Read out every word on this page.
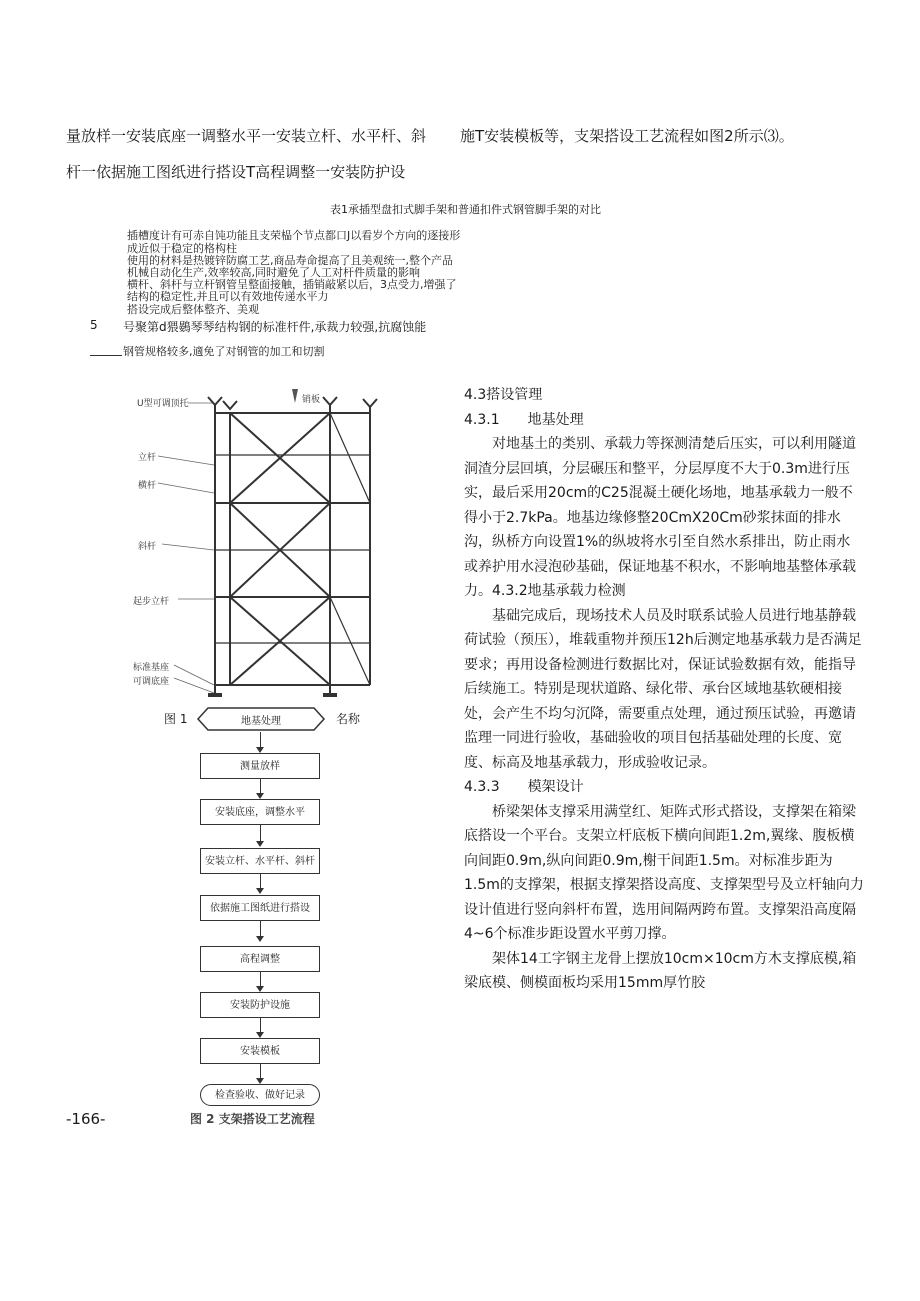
量放样一安装底座一调整水平一安装立杆、水平杆、斜
杆一依据施工图纸进行搭设T高程调整一安装防护设
施T安装模板等，支架搭设工艺流程如图2所示⑶。
表1承插型盘扣式脚手架和普通扣件式钢管脚手架的对比
插槽度计有可赤自饨功能且支荣榀个节点都口J以看岁个方向的逐接形
成近似于稳定的格构柱
使用的材料是热镀锌防腐工艺,商品寿命提高了且美观统一,整个产品
机械自动化生产,效率较高,同时避免了人工对杆件质量的影响
横杆、斜杆与立杆钢管呈整面接触，插销敲紧以后，3点受力,增强了
结构的稳定性,并且可以有效地传递水平力
搭设完成后整体整齐、美观
5 号聚第d猥鷃琴琴结构钢的标准杆件,承裁力较强,抗腐蚀能
钢管规格较多,適免了对钢管的加工和切割
U型可调顶托	销板
立杆
横杆
斜杆
起步立杆
标准基座
可调底座
图 1	名称
地基处理
测量放样
安装底座，调整水平
安装立杆、水平杆、斜杆
依据施工图纸进行搭设
高程调整
安装防护设施
安装模板
检查验收、做好记录
图 2 支架搭设工艺流程
-166-

4.3搭设管理

4.3.1　　地基处理

对地基土的类别、承载力等探测清楚后压实，可以利用隧道洞渣分层回填，分层碾压和整平，分层厚度不大于0.3m进行压实，最后采用20cm的C25混凝土硬化场地，地基承载力一般不得小于2.7kPa。地基边缘修整20CmX20Cm砂浆抹面的排水沟，纵桥方向设置1%的纵坡将水引至自然水系排出，防止雨水或养护用水浸泡砂基础，保证地基不积水，不影响地基整体承载力。4.3.2地基承载力检测

基础完成后，现场技术人员及时联系试验人员进行地基静载荷试验（预压），堆载重物并预压12h后测定地基承载力是否满足要求；再用设备检测进行数据比对，保证试验数据有效，能指导后续施工。特别是现状道路、绿化带、承台区域地基软硬相接处，会产生不均匀沉降，需要重点处理，通过预压试验，再邀请监理一同进行验收，基础验收的项目包括基础处理的长度、宽度、标高及地基承载力，形成验收记录。

4.3.3　　模架设计

桥梁架体支撑采用满堂红、矩阵式形式搭设，支撑架在箱梁底搭设一个平台。支架立杆底板下横向间距1.2m,翼缘、腹板横向间距0.9m,纵向间距0.9m,榭干间距1.5m。对标准步距为1.5m的支撑架，根据支撑架搭设高度、支撑架型号及立杆轴向力设计值进行竖向斜杆布置，选用间隔两跨布置。支撑架沿高度隔4~6个标准步距设置水平剪刀撑。

架体14工字钢主龙骨上摆放10cm×10cm方木支撑底模,箱梁底模、侧模面板均采用15mm厚竹胶
